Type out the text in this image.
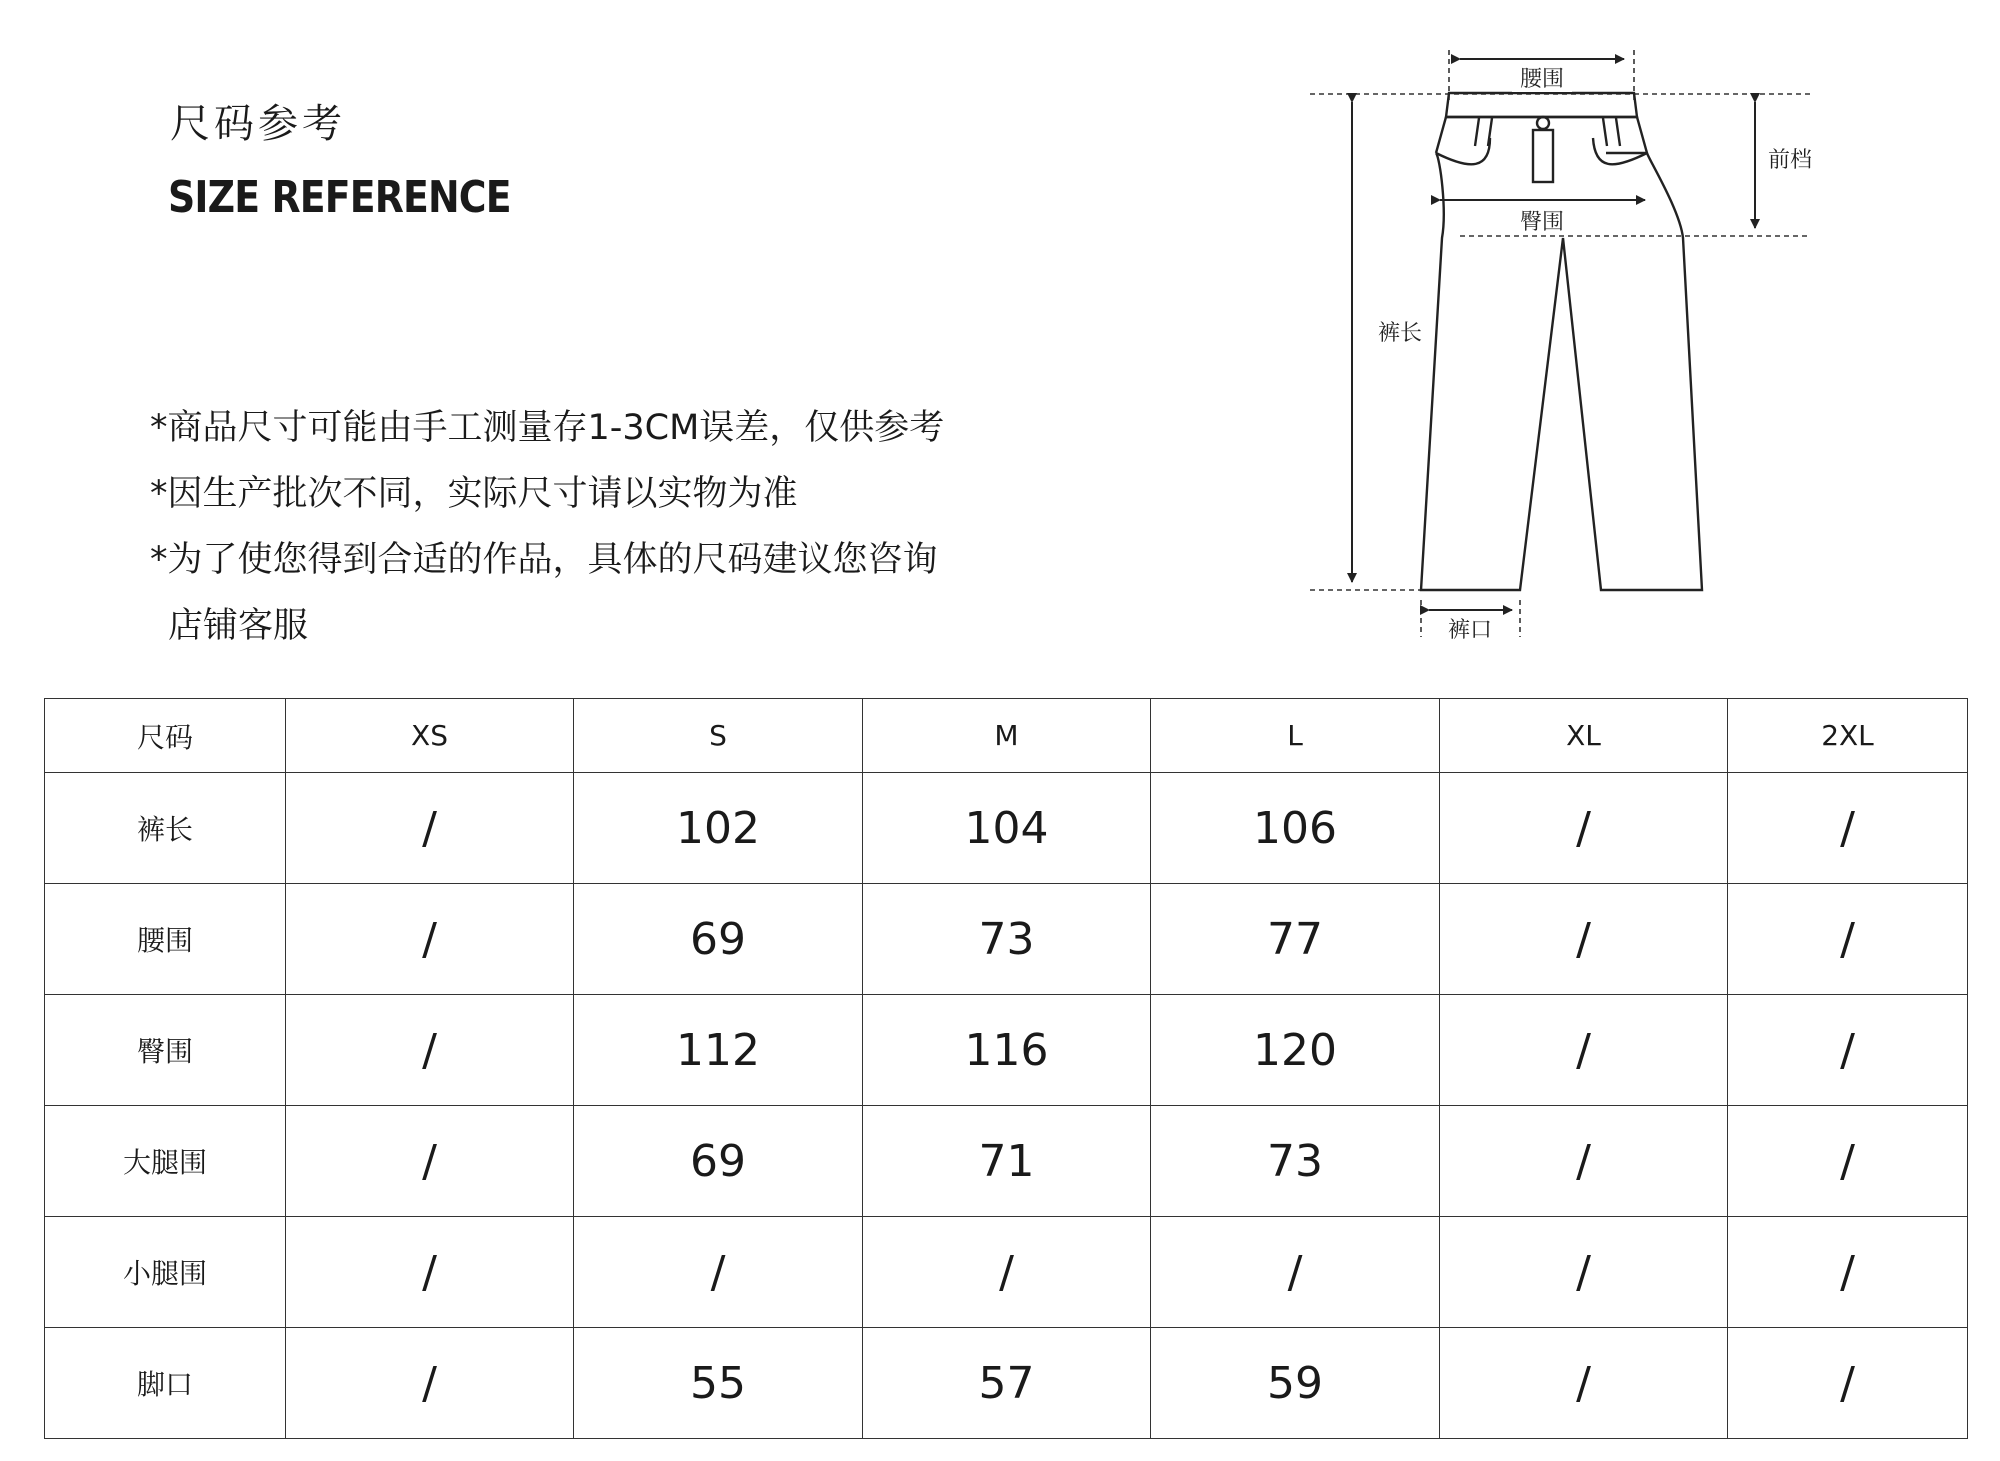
尺码参考
SIZE REFERENCE
*商品尺寸可能由手工测量存1-3CM误差，仅供参考
*因生产批次不同，实际尺寸请以实物为准
*为了使您得到合适的作品，具体的尺码建议您咨询
店铺客服
腰围
臀围
前档
裤长
裤口
尺码	XS	S	M	L	XL	2XL
裤长	/	102	104	106	/	/
腰围	/	69	73	77	/	/
臀围	/	112	116	120	/	/
大腿围	/	69	71	73	/	/
小腿围	/	/	/	/	/	/
脚口	/	55	57	59	/	/
